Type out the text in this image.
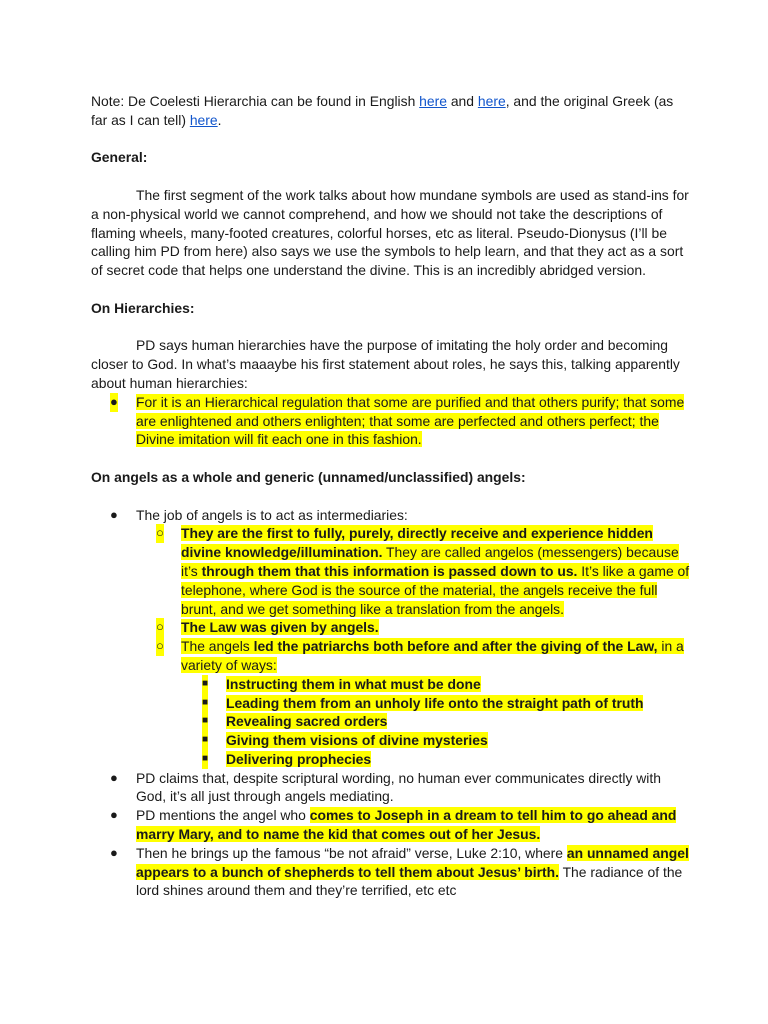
Note: De Coelesti Hierarchia can be found in English here and here, and the original Greek (as far as I can tell) here.

General:

The first segment of the work talks about how mundane symbols are used as stand-ins for a non-physical world we cannot comprehend, and how we should not take the descriptions of flaming wheels, many-footed creatures, colorful horses, etc as literal. Pseudo-Dionysus (I’ll be calling him PD from here) also says we use the symbols to help learn, and that they act as a sort of secret code that helps one understand the divine. This is an incredibly abridged version.

On Hierarchies:

PD says human hierarchies have the purpose of imitating the holy order and becoming closer to God. In what’s maaaybe his first statement about roles, he says this, talking apparently about human hierarchies:

● For it is an Hierarchical regulation that some are purified and that others purify; that some are enlightened and others enlighten; that some are perfected and others perfect; the Divine imitation will fit each one in this fashion.

On angels as a whole and generic (unnamed/unclassified) angels:

● The job of angels is to act as intermediaries:
○ They are the first to fully, purely, directly receive and experience hidden divine knowledge/illumination. They are called angelos (messengers) because it’s through them that this information is passed down to us. It’s like a game of telephone, where God is the source of the material, the angels receive the full brunt, and we get something like a translation from the angels.
○ The Law was given by angels.
○ The angels led the patriarchs both before and after the giving of the Law, in a variety of ways:
■ Instructing them in what must be done
■ Leading them from an unholy life onto the straight path of truth
■ Revealing sacred orders
■ Giving them visions of divine mysteries
■ Delivering prophecies
● PD claims that, despite scriptural wording, no human ever communicates directly with God, it’s all just through angels mediating.
● PD mentions the angel who comes to Joseph in a dream to tell him to go ahead and marry Mary, and to name the kid that comes out of her Jesus.
● Then he brings up the famous “be not afraid” verse, Luke 2:10, where an unnamed angel appears to a bunch of shepherds to tell them about Jesus’ birth. The radiance of the lord shines around them and they’re terrified, etc etc
